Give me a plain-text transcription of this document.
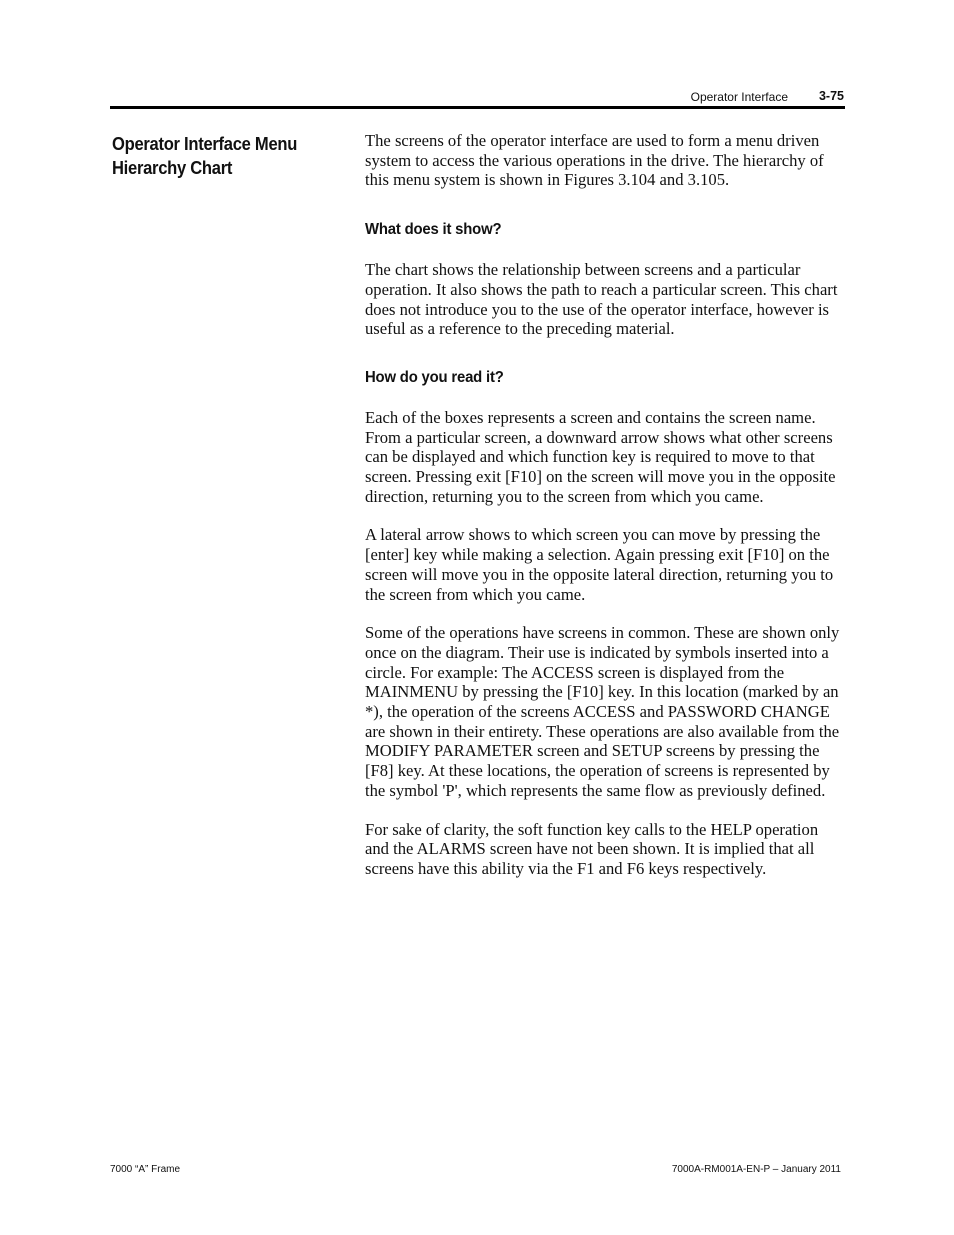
Operator Interface 3-75
Operator Interface Menu Hierarchy Chart

The screens of the operator interface are used to form a menu driven system to access the various operations in the drive. The hierarchy of this menu system is shown in Figures 3.104 and 3.105.

What does it show?

The chart shows the relationship between screens and a particular operation. It also shows the path to reach a particular screen. This chart does not introduce you to the use of the operator interface, however is useful as a reference to the preceding material.

How do you read it?

Each of the boxes represents a screen and contains the screen name. From a particular screen, a downward arrow shows what other screens can be displayed and which function key is required to move to that screen. Pressing exit [F10] on the screen will move you in the opposite direction, returning you to the screen from which you came.

A lateral arrow shows to which screen you can move by pressing the [enter] key while making a selection. Again pressing exit [F10] on the screen will move you in the opposite lateral direction, returning you to the screen from which you came.

Some of the operations have screens in common. These are shown only once on the diagram. Their use is indicated by symbols inserted into a circle. For example: The ACCESS screen is displayed from the MAINMENU by pressing the [F10] key. In this location (marked by an *), the operation of the screens ACCESS and PASSWORD CHANGE are shown in their entirety. These operations are also available from the MODIFY PARAMETER screen and SETUP screens by pressing the [F8] key. At these locations, the operation of screens is represented by the symbol 'P', which represents the same flow as previously defined.

For sake of clarity, the soft function key calls to the HELP operation and the ALARMS screen have not been shown. It is implied that all screens have this ability via the F1 and F6 keys respectively.

7000 “A” Frame	7000A-RM001A-EN-P – January 2011
